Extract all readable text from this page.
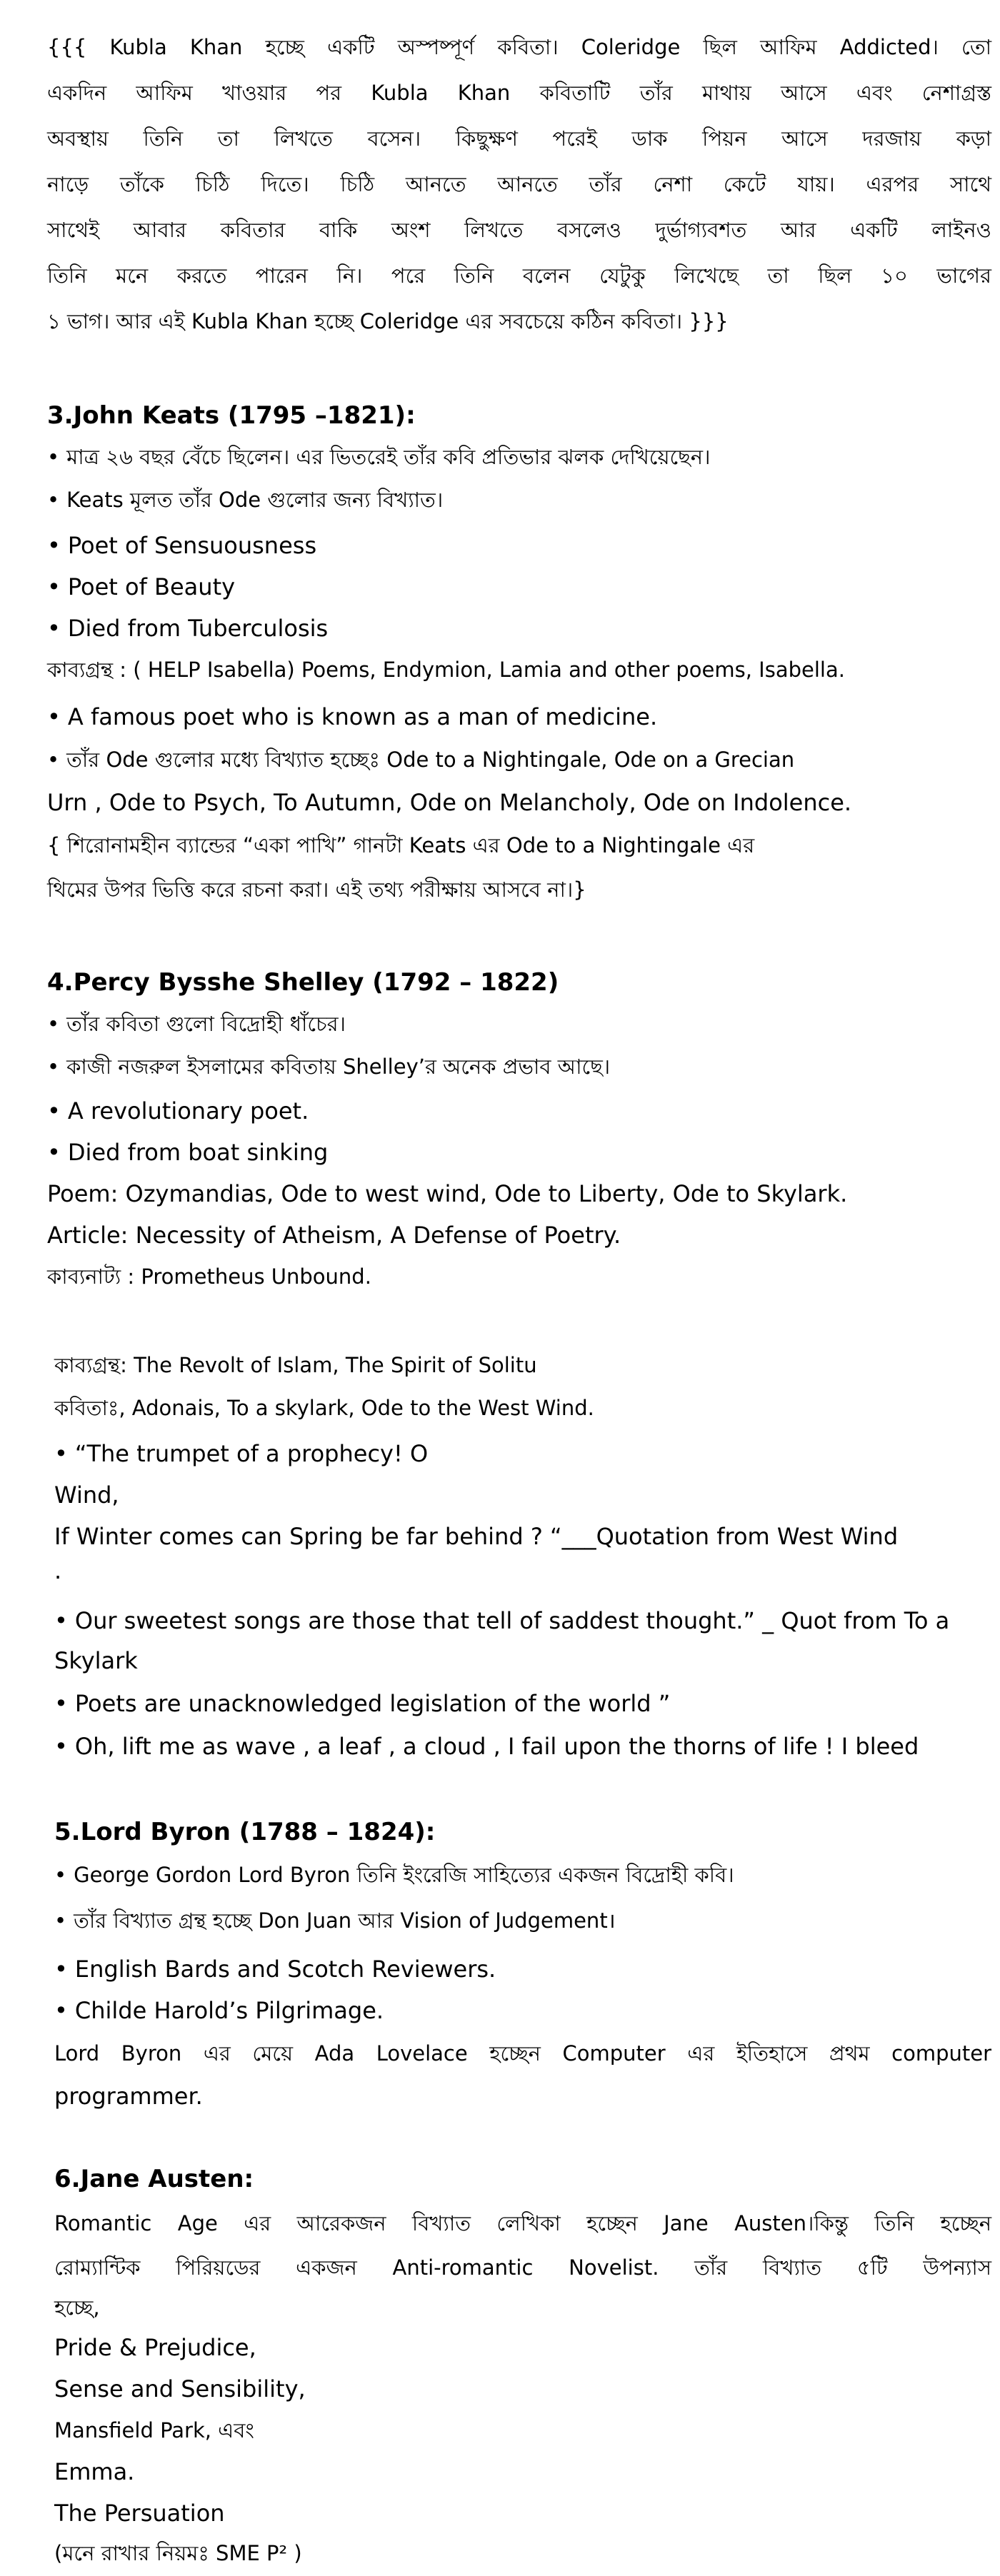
{{{ Kubla Khan হচ্ছে একটি অস্পষ্পূর্ণ কবিতা। Coleridge ছিল আফিম Addicted। তো
একদিন আফিম খাওয়ার পর Kubla Khan কবিতাটি তাঁর মাথায় আসে এবং নেশাগ্রস্ত
অবস্থায় তিনি তা লিখতে বসেন। কিছুক্ষণ পরেই ডাক পিয়ন আসে দরজায় কড়া
নাড়ে তাঁকে চিঠি দিতে। চিঠি আনতে আনতে তাঁর নেশা কেটে যায়। এরপর সাথে
সাথেই আবার কবিতার বাকি অংশ লিখতে বসলেও দুর্ভাগ্যবশত আর একটি লাইনও
তিনি মনে করতে পারেন নি। পরে তিনি বলেন যেটুকু লিখেছে তা ছিল ১০ ভাগের
১ ভাগ। আর এই Kubla Khan হচ্ছে Coleridge এর সবচেয়ে কঠিন কবিতা। }}}
3.John Keats (1795 –1821):
• মাত্র ২৬ বছর বেঁচে ছিলেন। এর ভিতরেই তাঁর কবি প্রতিভার ঝলক দেখিয়েছেন।
• Keats মূলত তাঁর Ode গুলোর জন্য বিখ্যাত।
• Poet of Sensuousness
• Poet of Beauty
• Died from Tuberculosis
কাব্যগ্রন্থ : ( HELP Isabella) Poems, Endymion, Lamia and other poems, Isabella.
• A famous poet who is known as a man of medicine.
• তাঁর Ode গুলোর মধ্যে বিখ্যাত হচ্ছেঃ Ode to a Nightingale, Ode on a Grecian
Urn , Ode to Psych, To Autumn, Ode on Melancholy, Ode on Indolence.
{ শিরোনামহীন ব্যান্ডের “একা পাখি” গানটা Keats এর Ode to a Nightingale এর
থিমের উপর ভিত্তি করে রচনা করা। এই তথ্য পরীক্ষায় আসবে না।}
4.Percy Bysshe Shelley (1792 – 1822)
• তাঁর কবিতা গুলো বিদ্রোহী ধাঁচের।
• কাজী নজরুল ইসলামের কবিতায় Shelley’র অনেক প্রভাব আছে।
• A revolutionary poet.
• Died from boat sinking
Poem: Ozymandias, Ode to west wind, Ode to Liberty, Ode to Skylark.
Article: Necessity of Atheism, A Defense of Poetry.
কাব্যনাট্য : Prometheus Unbound.
কাব্যগ্রন্থ: The Revolt of Islam, The Spirit of Solitu
কবিতাঃ, Adonais, To a skylark, Ode to the West Wind.
• “The trumpet of a prophecy! O
Wind,
If Winter comes can Spring be far behind ? “___Quotation from West Wind
.
• Our sweetest songs are those that tell of saddest thought.” _ Quot from To a
Skylark
• Poets are unacknowledged legislation of the world ”
• Oh, lift me as wave , a leaf , a cloud , I fail upon the thorns of life ! I bleed
5.Lord Byron (1788 – 1824):
• George Gordon Lord Byron তিনি ইংরেজি সাহিত্যের একজন বিদ্রোহী কবি।
• তাঁর বিখ্যাত গ্রন্থ হচ্ছে Don Juan আর Vision of Judgement।
• English Bards and Scotch Reviewers.
• Childe Harold’s Pilgrimage.
Lord Byron এর মেয়ে Ada Lovelace হচ্ছেন Computer এর ইতিহাসে প্রথম computer
programmer.
6.Jane Austen:
Romantic Age এর আরেকজন বিখ্যাত লেখিকা হচ্ছেন Jane Austen।কিন্তু তিনি হচ্ছেন
রোম্যান্টিক পিরিয়ডের একজন Anti-romantic Novelist. তাঁর বিখ্যাত ৫টি উপন্যাস
হচ্ছে,
Pride & Prejudice,
Sense and Sensibility,
Mansfield Park, এবং
Emma.
The Persuation
(মনে রাখার নিয়মঃ SME P² )
